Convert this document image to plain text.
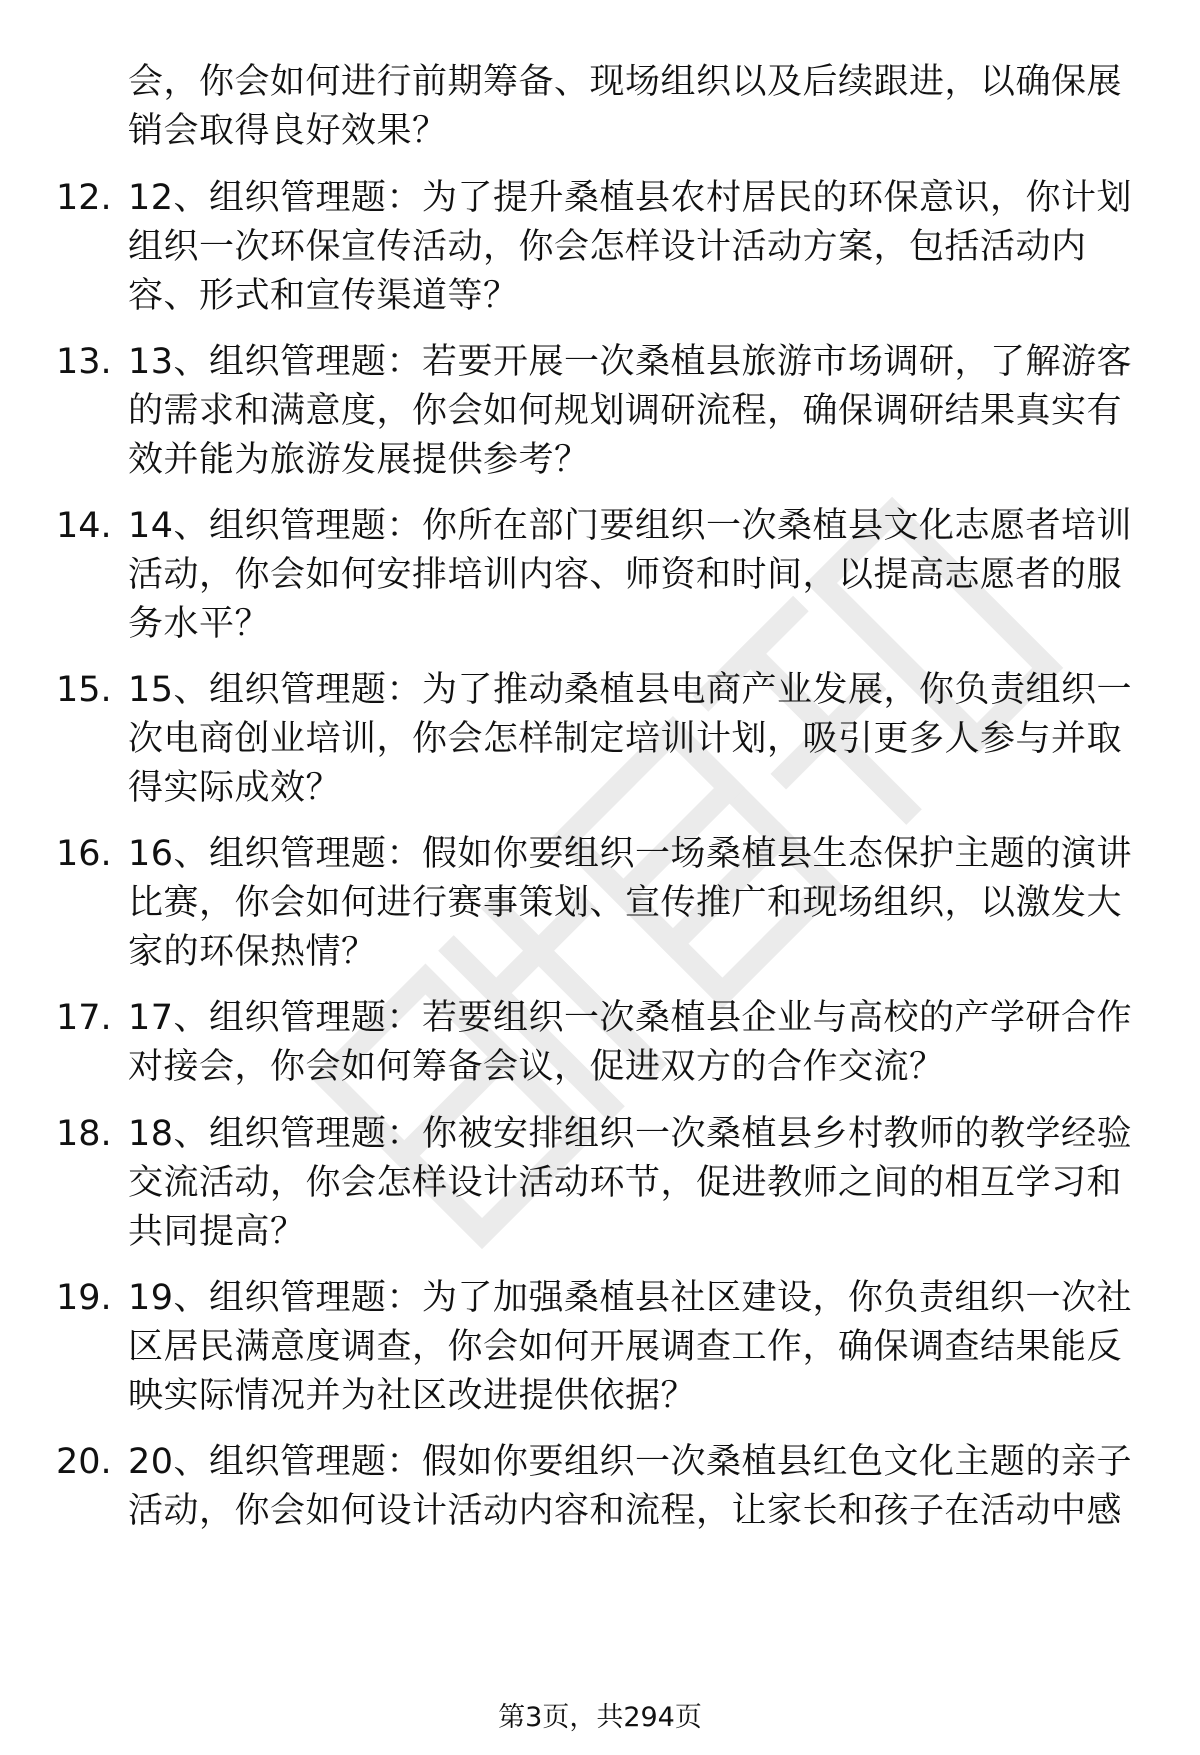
会，你会如何进行前期筹备、现场组织以及后续跟进，以确保展销会取得良好效果？
12. 12、组织管理题：为了提升桑植县农村居民的环保意识，你计划组织一次环保宣传活动，你会怎样设计活动方案，包括活动内容、形式和宣传渠道等？
13. 13、组织管理题：若要开展一次桑植县旅游市场调研，了解游客的需求和满意度，你会如何规划调研流程，确保调研结果真实有效并能为旅游发展提供参考？
14. 14、组织管理题：你所在部门要组织一次桑植县文化志愿者培训活动，你会如何安排培训内容、师资和时间，以提高志愿者的服务水平？
15. 15、组织管理题：为了推动桑植县电商产业发展，你负责组织一次电商创业培训，你会怎样制定培训计划，吸引更多人参与并取得实际成效？
16. 16、组织管理题：假如你要组织一场桑植县生态保护主题的演讲比赛，你会如何进行赛事策划、宣传推广和现场组织，以激发大家的环保热情？
17. 17、组织管理题：若要组织一次桑植县企业与高校的产学研合作对接会，你会如何筹备会议，促进双方的合作交流？
18. 18、组织管理题：你被安排组织一次桑植县乡村教师的教学经验交流活动，你会怎样设计活动环节，促进教师之间的相互学习和共同提高？
19. 19、组织管理题：为了加强桑植县社区建设，你负责组织一次社区居民满意度调查，你会如何开展调查工作，确保调查结果能反映实际情况并为社区改进提供依据？
20. 20、组织管理题：假如你要组织一次桑植县红色文化主题的亲子活动，你会如何设计活动内容和流程，让家长和孩子在活动中感
第3页，共294页
